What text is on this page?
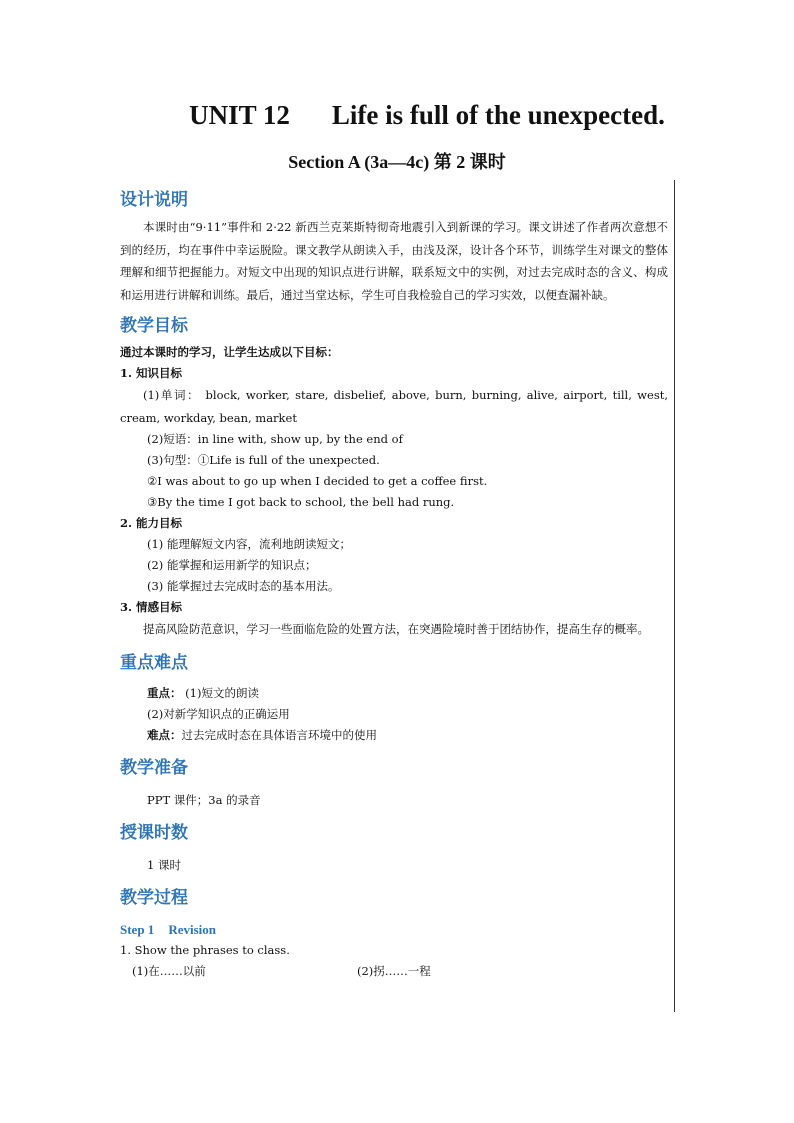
UNIT 12 Life is full of the unexpected.

Section A (3a—4c) 第 2 课时

设计说明

本课时由“9·11”事件和 2·22 新西兰克莱斯特彻奇地震引入到新课的学习。课文讲述了作者两次意想不到的经历，均在事件中幸运脱险。课文教学从朗读入手，由浅及深，设计各个环节，训练学生对课文的整体理解和细节把握能力。对短文中出现的知识点进行讲解，联系短文中的实例，对过去完成时态的含义、构成和运用进行讲解和训练。最后，通过当堂达标，学生可自我检验自己的学习实效，以便查漏补缺。

教学目标

通过本课时的学习，让学生达成以下目标：

1. 知识目标

(1)单词： block, worker, stare, disbelief, above, burn, burning, alive, airport, till, west, cream, workday, bean, market

(2)短语：in line with, show up, by the end of

(3)句型：①Life is full of the unexpected.

②I was about to go up when I decided to get a coffee first.

③By the time I got back to school, the bell had rung.

2. 能力目标

(1) 能理解短文内容，流利地朗读短文；

(2) 能掌握和运用新学的知识点；

(3) 能掌握过去完成时态的基本用法。

3. 情感目标

提高风险防范意识，学习一些面临危险的处置方法，在突遇险境时善于团结协作，提高生存的概率。

重点难点

重点： (1)短文的朗读

(2)对新学知识点的正确运用

难点：过去完成时态在具体语言环境中的使用

教学准备

PPT 课件；3a 的录音

授课时数

1 课时

教学过程

Step 1 Revision

1. Show the phrases to class.

(1)在……以前	(2)拐……一程
